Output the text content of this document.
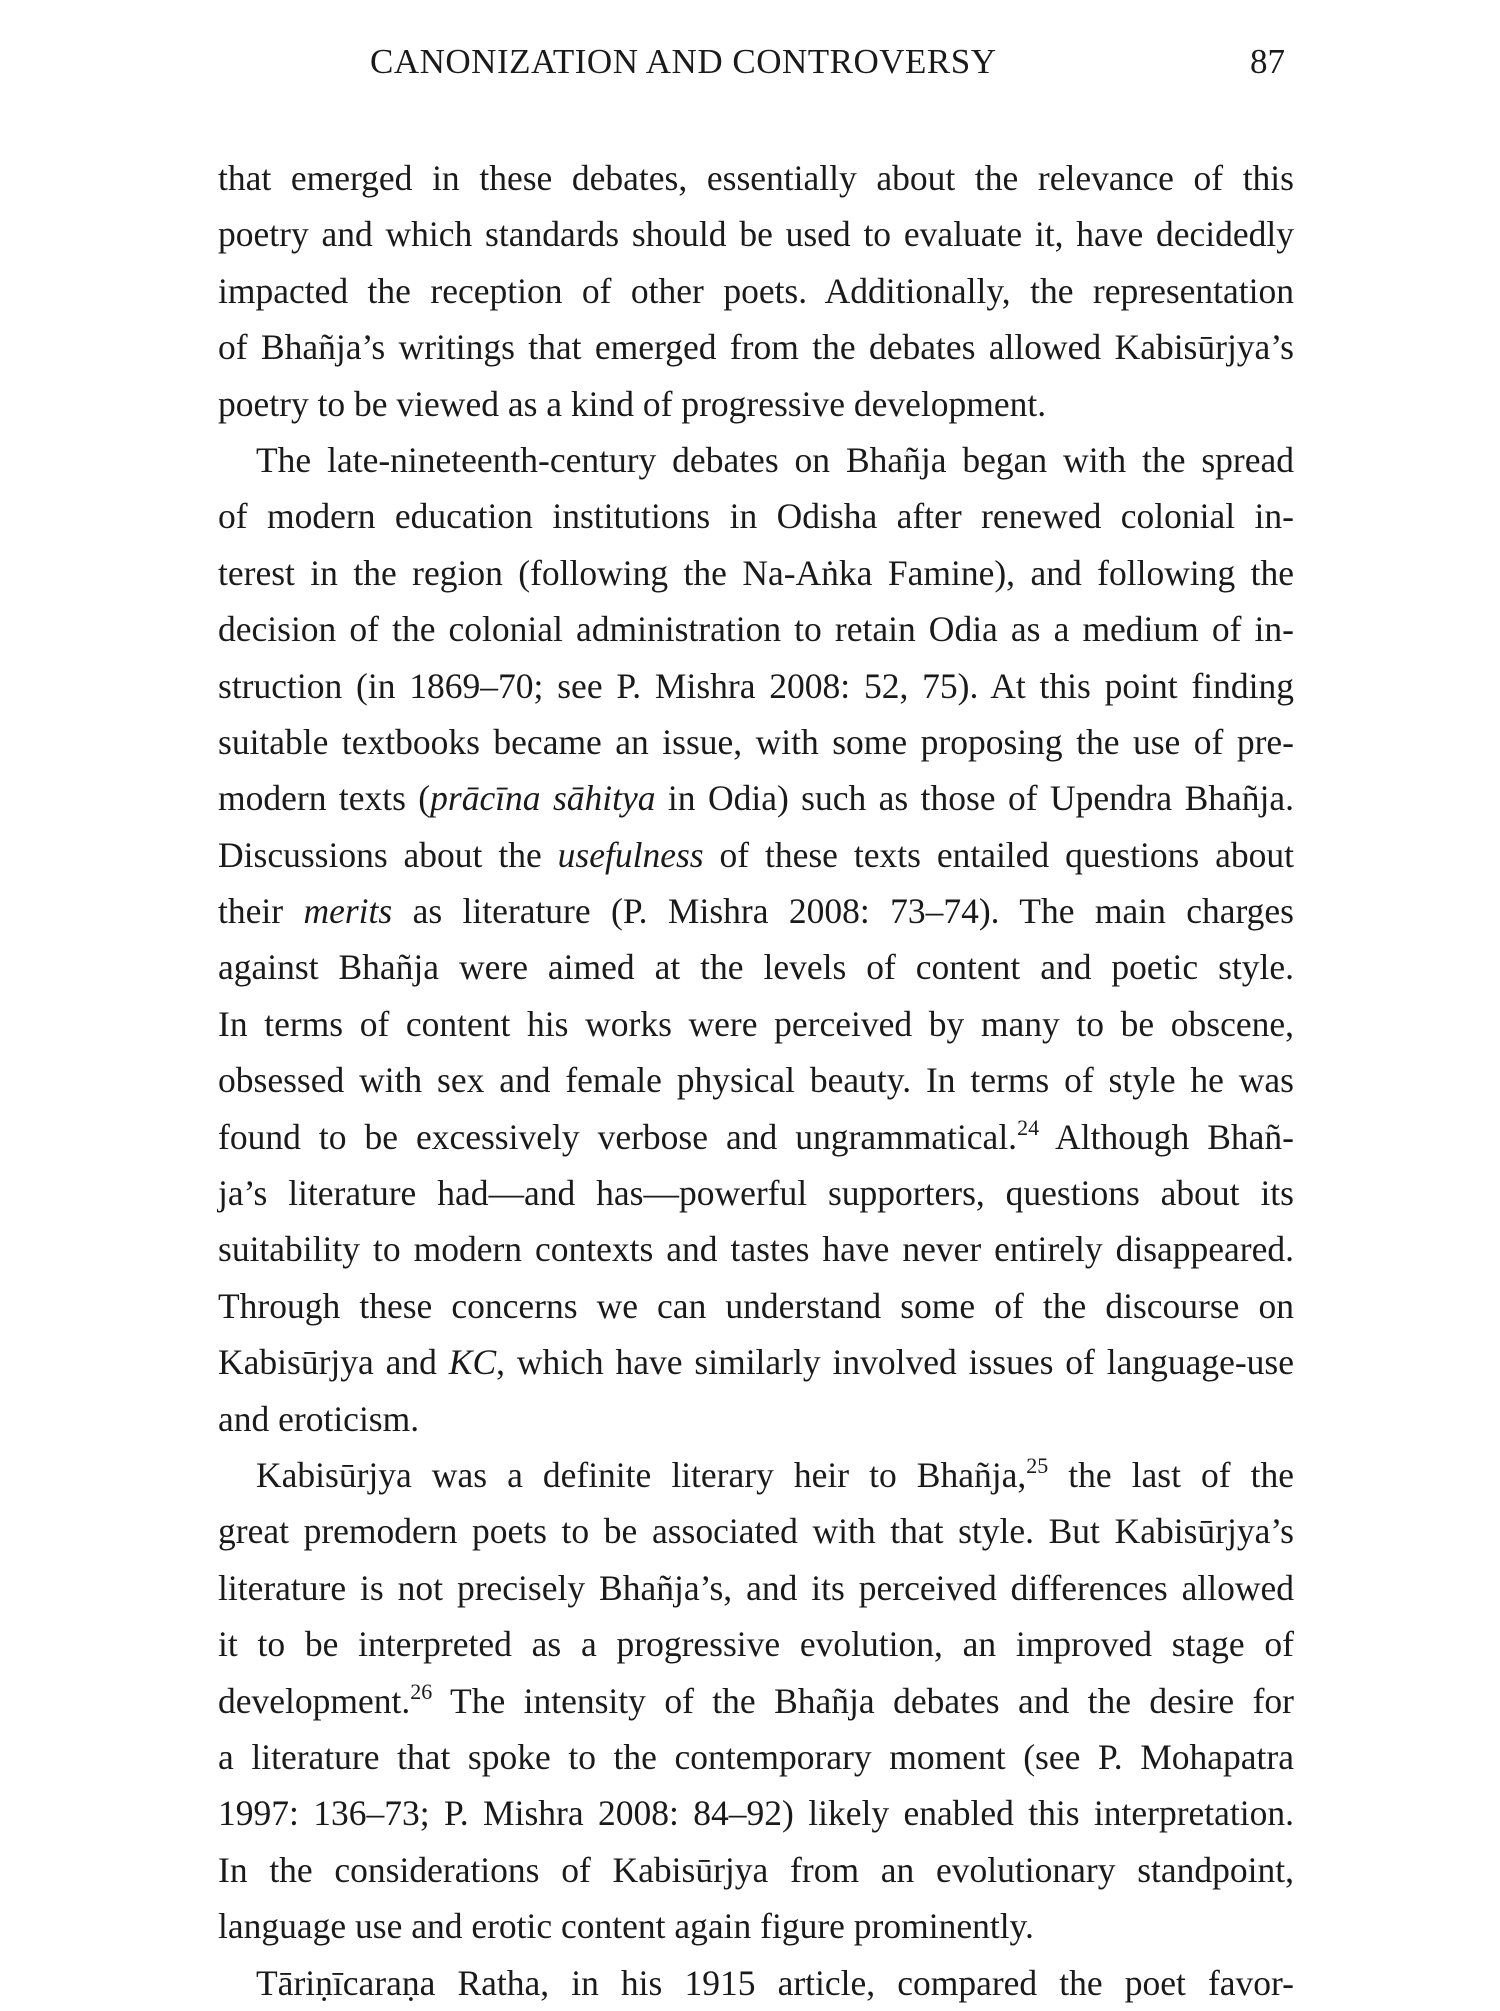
CANONIZATION AND CONTROVERSY	87
that emerged in these debates, essentially about the relevance of this
poetry and which standards should be used to evaluate it, have decidedly
impacted the reception of other poets. Additionally, the representation
of Bhañja’s writings that emerged from the debates allowed Kabisūrjya’s
poetry to be viewed as a kind of progressive development.
The late-nineteenth-century debates on Bhañja began with the spread
of modern education institutions in Odisha after renewed colonial in-
terest in the region (following the Na-Aṅka Famine), and following the
decision of the colonial administration to retain Odia as a medium of in-
struction (in 1869–70; see P. Mishra 2008: 52, 75). At this point finding
suitable textbooks became an issue, with some proposing the use of pre-
modern texts (prācīna sāhitya in Odia) such as those of Upendra Bhañja.
Discussions about the usefulness of these texts entailed questions about
their merits as literature (P. Mishra 2008: 73–74). The main charges
against Bhañja were aimed at the levels of content and poetic style.
In terms of content his works were perceived by many to be obscene,
obsessed with sex and female physical beauty. In terms of style he was
found to be excessively verbose and ungrammatical.$^{24}$ Although Bhañ-
ja’s literature had—and has—powerful supporters, questions about its
suitability to modern contexts and tastes have never entirely disappeared.
Through these concerns we can understand some of the discourse on
Kabisūrjya and KC, which have similarly involved issues of language-use
and eroticism.
Kabisūrjya was a definite literary heir to Bhañja,$^{25}$ the last of the
great premodern poets to be associated with that style. But Kabisūrjya’s
literature is not precisely Bhañja’s, and its perceived differences allowed
it to be interpreted as a progressive evolution, an improved stage of
development.$^{26}$ The intensity of the Bhañja debates and the desire for
a literature that spoke to the contemporary moment (see P. Mohapatra
1997: 136–73; P. Mishra 2008: 84–92) likely enabled this interpretation.
In the considerations of Kabisūrjya from an evolutionary standpoint,
language use and erotic content again figure prominently.
Tāriṇīcaraṇa Ratha, in his 1915 article, compared the poet favor-
